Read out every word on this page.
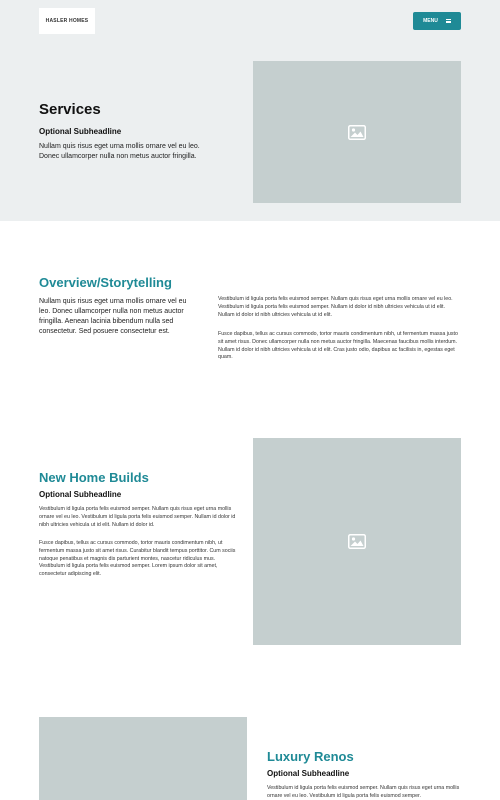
HASLER HOMES	MENU
Services
Optional Subheadline
Nullam quis risus eget urna mollis ornare vel eu leo. Donec ullamcorper nulla non metus auctor fringilla.
Overview/Storytelling
Nullam quis risus eget urna mollis ornare vel eu leo. Donec ullamcorper nulla non metus auctor fringilla. Aenean lacinia bibendum nulla sed consectetur. Sed posuere consectetur est.
Vestibulum id ligula porta felis euismod semper. Nullam quis risus eget urna mollis ornare vel eu leo. Vestibulum id ligula porta felis euismod semper. Nullam id dolor id nibh ultricies vehicula ut id elit. Nullam id dolor id nibh ultricies vehicula ut id elit.
Fusce dapibus, tellus ac cursus commodo, tortor mauris condimentum nibh, ut fermentum massa justo sit amet risus. Donec ullamcorper nulla non metus auctor fringilla. Maecenas faucibus mollis interdum. Nullam id dolor id nibh ultricies vehicula ut id elit. Cras justo odio, dapibus ac facilisis in, egestas eget quam.
New Home Builds
Optional Subheadline
Vestibulum id ligula porta felis euismod semper. Nullam quis risus eget urna mollis ornare vel eu leo. Vestibulum id ligula porta felis euismod semper. Nullam id dolor id nibh ultricies vehicula ut id elit. Nullam id dolor id.
Fusce dapibus, tellus ac cursus commodo, tortor mauris condimentum nibh, ut fermentum massa justo sit amet risus. Curabitur blandit tempus porttitor. Cum sociis natoque penatibus et magnis dis parturient montes, nascetur ridiculus mus. Vestibulum id ligula porta felis euismod semper. Lorem ipsum dolor sit amet, consectetur adipiscing elit.
Luxury Renos
Optional Subheadline
Vestibulum id ligula porta felis euismod semper. Nullam quis risus eget urna mollis ornare vel eu leo. Vestibulum id ligula porta felis euismod semper.
